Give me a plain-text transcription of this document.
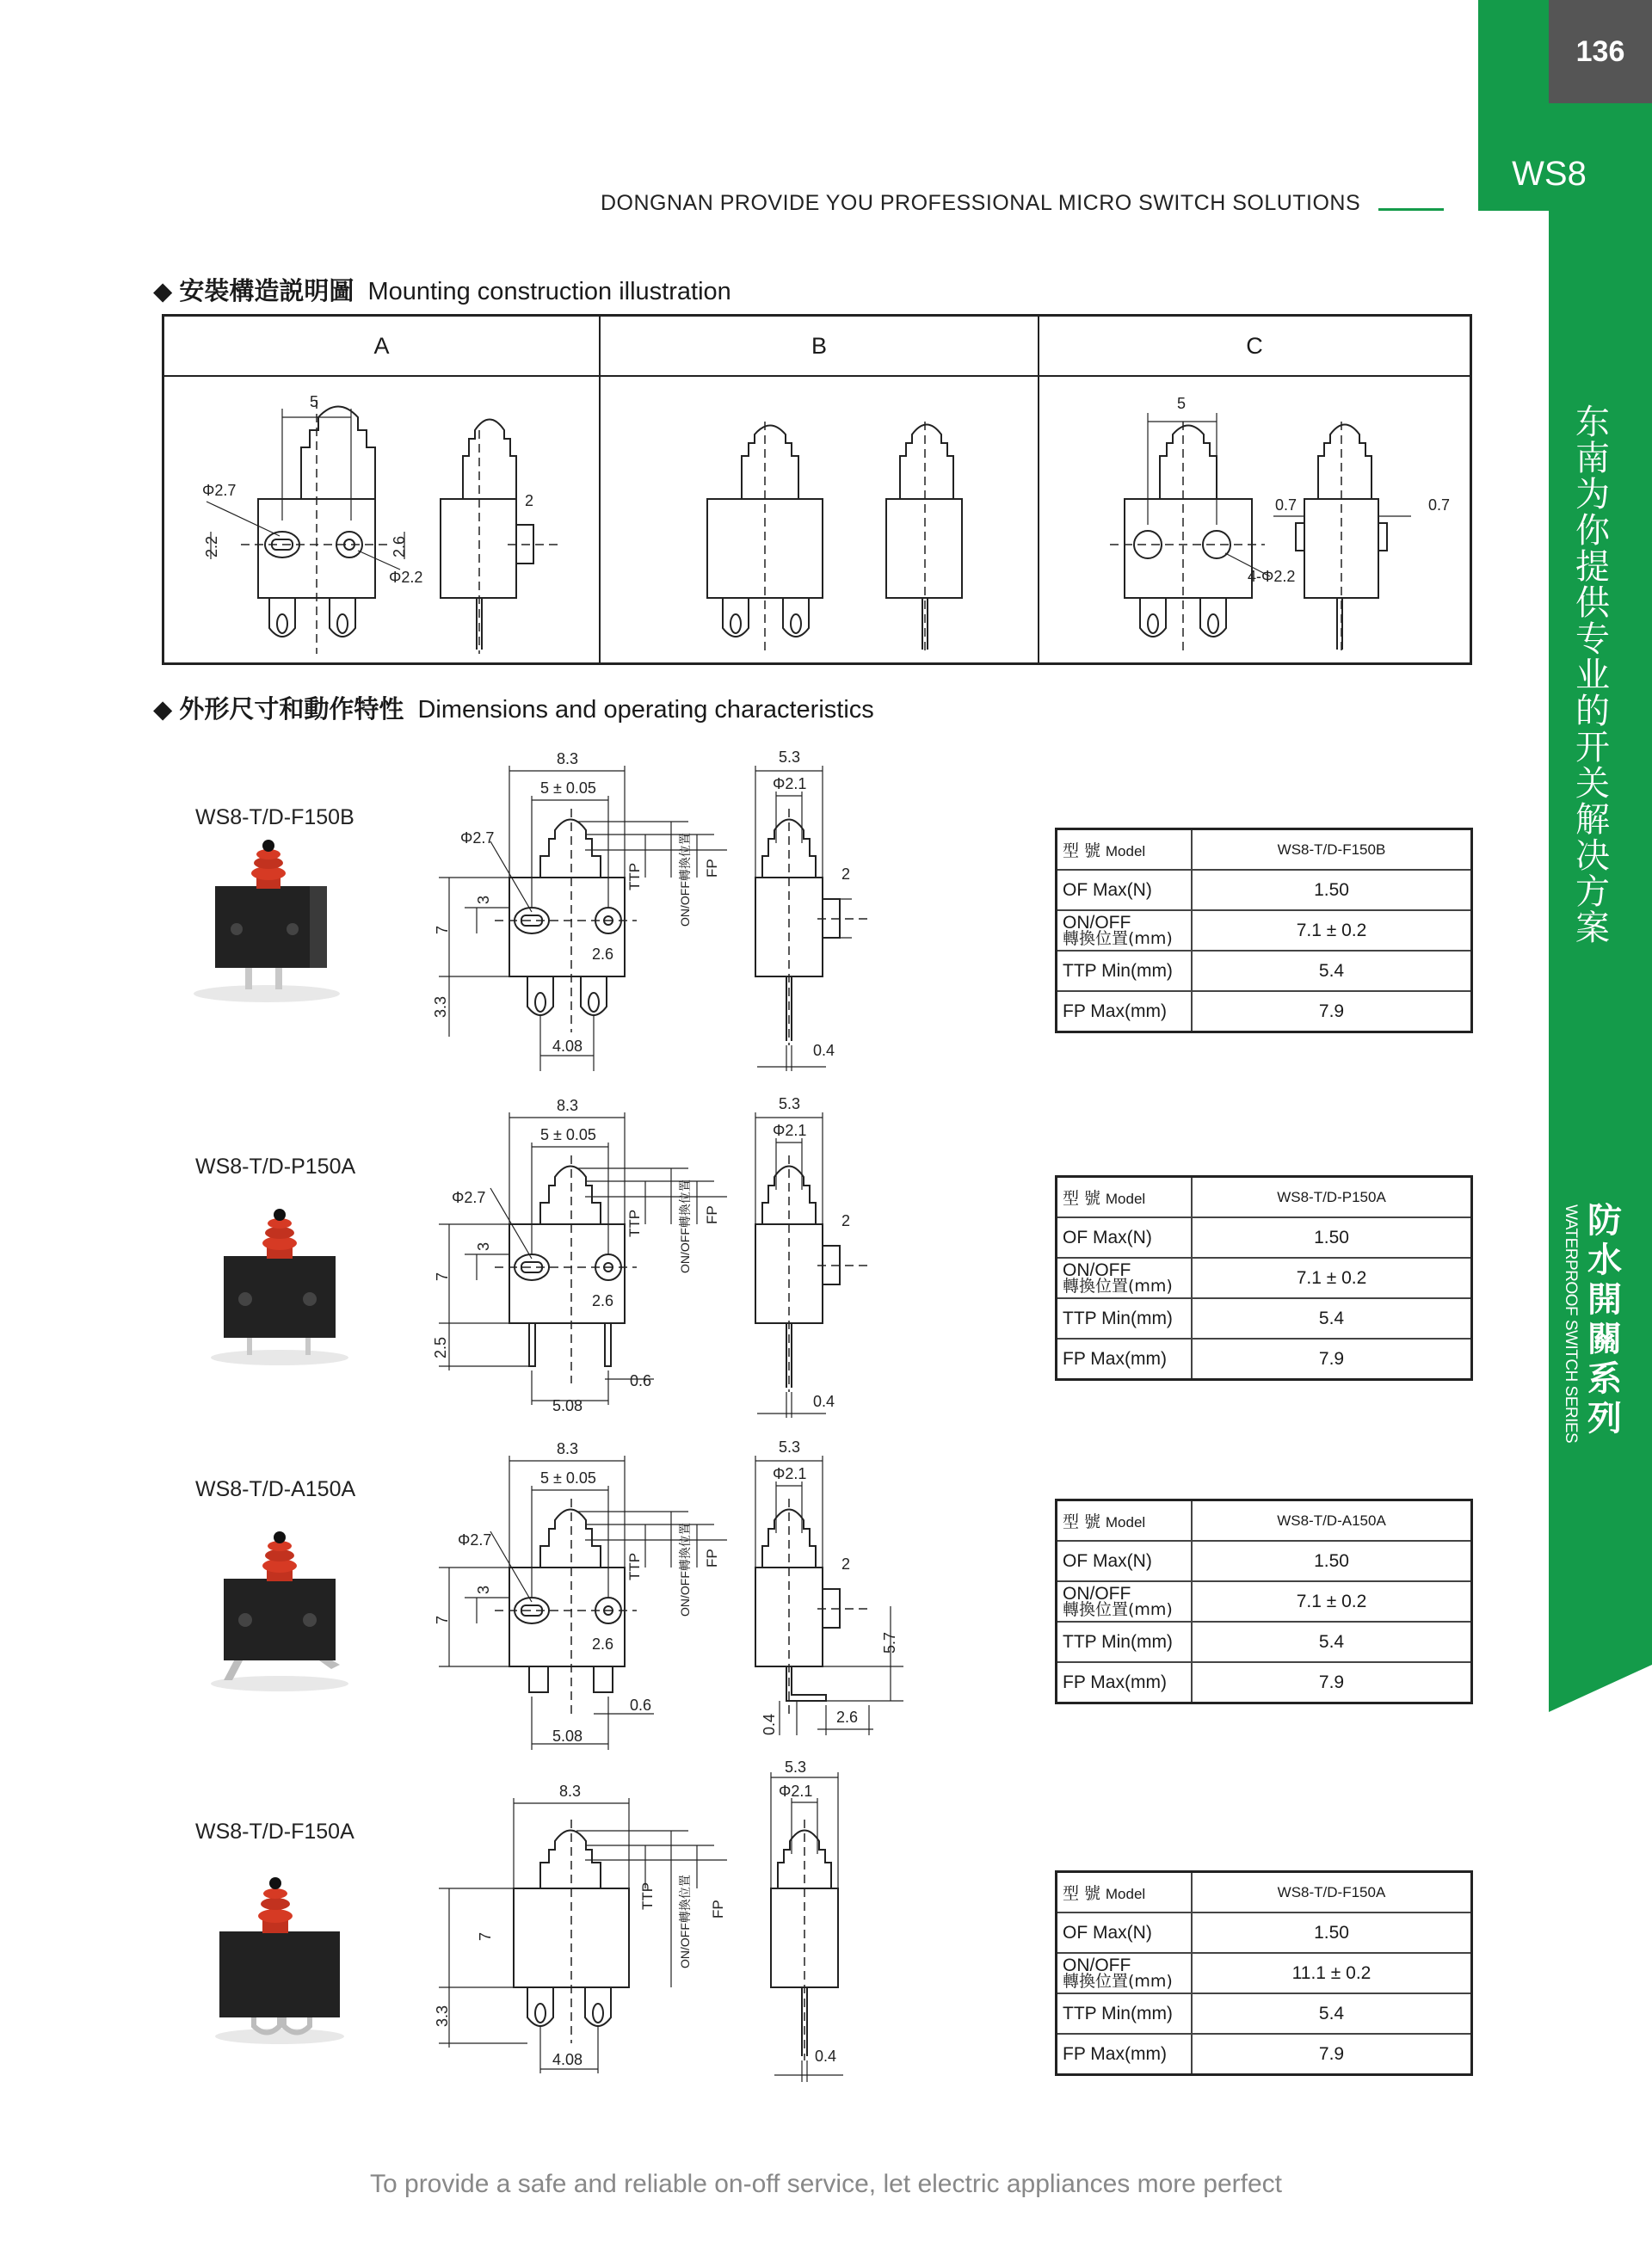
136
WS8
东南为你提供专业的开关解决方案
防水開關系列
WATERPROOF SWITCH SERIES
DONGNAN PROVIDE YOU PROFESSIONAL MICRO SWITCH SOLUTIONS
◆ 安裝構造説明圖 Mounting construction illustration
A	B	C
5
Φ2.7
2.2	2.6
Φ2.2
2
5
4-Φ2.2
0.7	0.7
◆ 外形尺寸和動作特性 Dimensions and operating characteristics
WS8-T/D-F150B
8.3
5 ± 0.05
Φ2.7
7
3
2.6
3.3
4.08
5.3
Φ2.1
2
0.4
TTP	ON/OFF轉換位置 FP
型 號 Model	WS8-T/D-F150B
OF Max(N)	1.50
ON/OFF
轉換位置(mm)	7.1 ± 0.2
TTP Min(mm)	5.4
FP Max(mm)	7.9
WS8-T/D-P150A
8.3
5 ± 0.05
Φ2.7
7
3
2.6
2.5
5.08
0.6
5.3
Φ2.1
2
0.4
TTP	ON/OFF轉換位置 FP
型 號 Model	WS8-T/D-P150A
OF Max(N)	1.50
ON/OFF
轉換位置(mm)	7.1 ± 0.2
TTP Min(mm)	5.4
FP Max(mm)	7.9
WS8-T/D-A150A
8.3
5 ± 0.05
Φ2.7
7
3
2.6
5.08
0.6
5.3
Φ2.1
2
0.4
5.7
2.6
TTP	ON/OFF轉換位置 FP
型 號 Model	WS8-T/D-A150A
OF Max(N)	1.50
ON/OFF
轉換位置(mm)	7.1 ± 0.2
TTP Min(mm)	5.4
FP Max(mm)	7.9
WS8-T/D-F150A
8.3
7
3.3
4.08
5.3
Φ2.1
0.4
TTP ON/OFF轉換位置 FP
型 號 Model	WS8-T/D-F150A
OF Max(N)	1.50
ON/OFF
轉換位置(mm)	11.1 ± 0.2
TTP Min(mm)	5.4
FP Max(mm)	7.9
To provide a safe and reliable on-off service, let electric appliances more perfect
